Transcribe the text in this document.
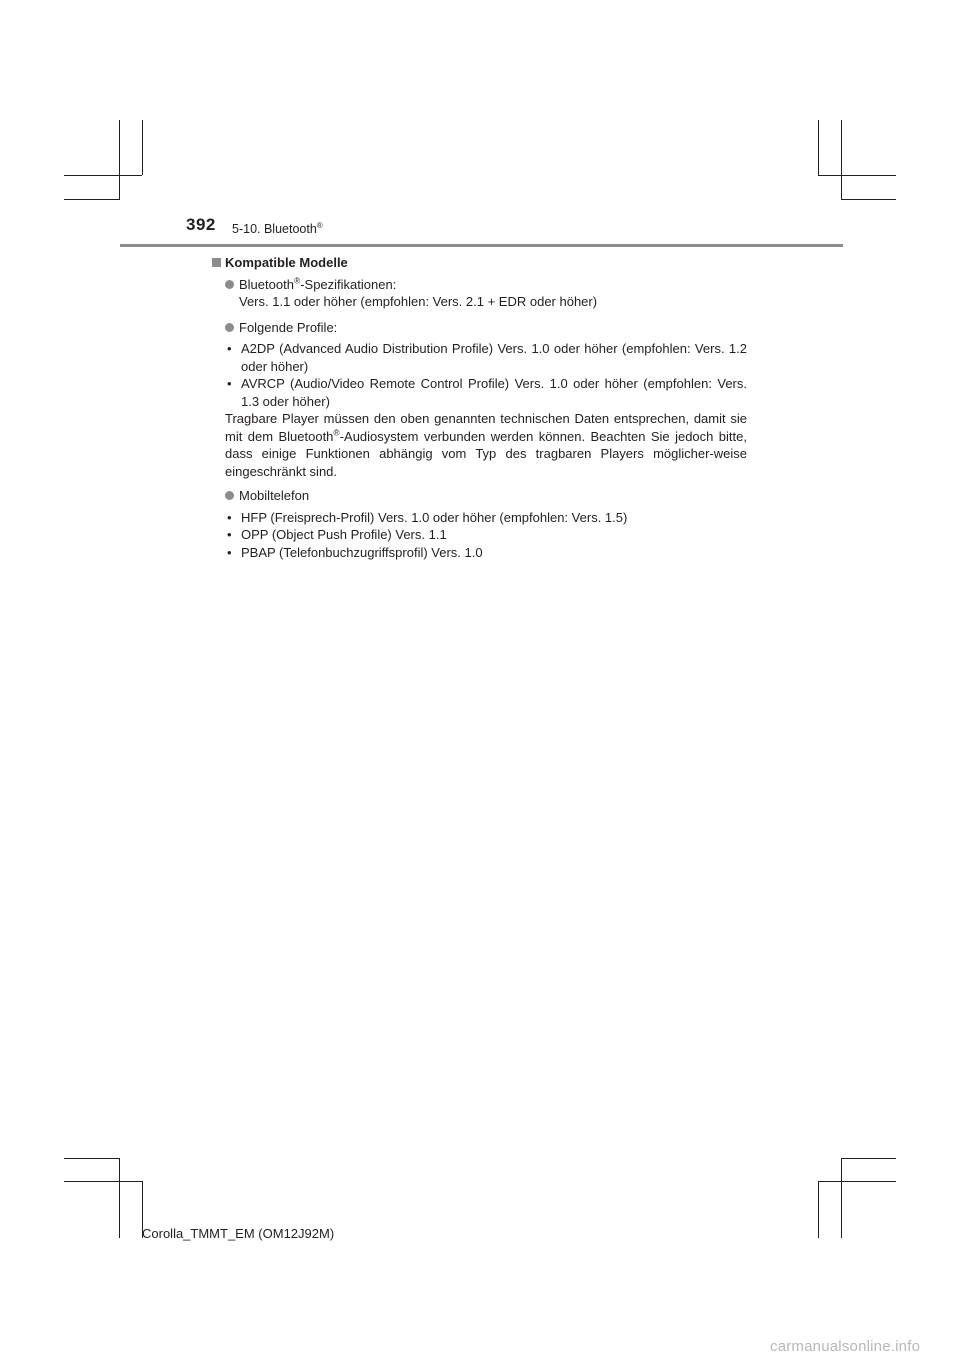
392 5-10. Bluetooth®
Kompatible Modelle

Bluetooth®-Spezifikationen:

Vers. 1.1 oder höher (empfohlen: Vers. 2.1 + EDR oder höher)

Folgende Profile:

• A2DP (Advanced Audio Distribution Profile) Vers. 1.0 oder höher (empfohlen: Vers. 1.2 oder höher)
• AVRCP (Audio/Video Remote Control Profile) Vers. 1.0 oder höher (empfohlen: Vers. 1.3 oder höher)

Tragbare Player müssen den oben genannten technischen Daten entsprechen, damit sie mit dem Bluetooth®-Audiosystem verbunden werden können. Beachten Sie jedoch bitte, dass einige Funktionen abhängig vom Typ des tragbaren Players möglicher-weise eingeschränkt sind.

Mobiltelefon

• HFP (Freisprech-Profil) Vers. 1.0 oder höher (empfohlen: Vers. 1.5)
• OPP (Object Push Profile) Vers. 1.1
• PBAP (Telefonbuchzugriffsprofil) Vers. 1.0
Corolla_TMMT_EM (OM12J92M)
carmanualsonline.info
